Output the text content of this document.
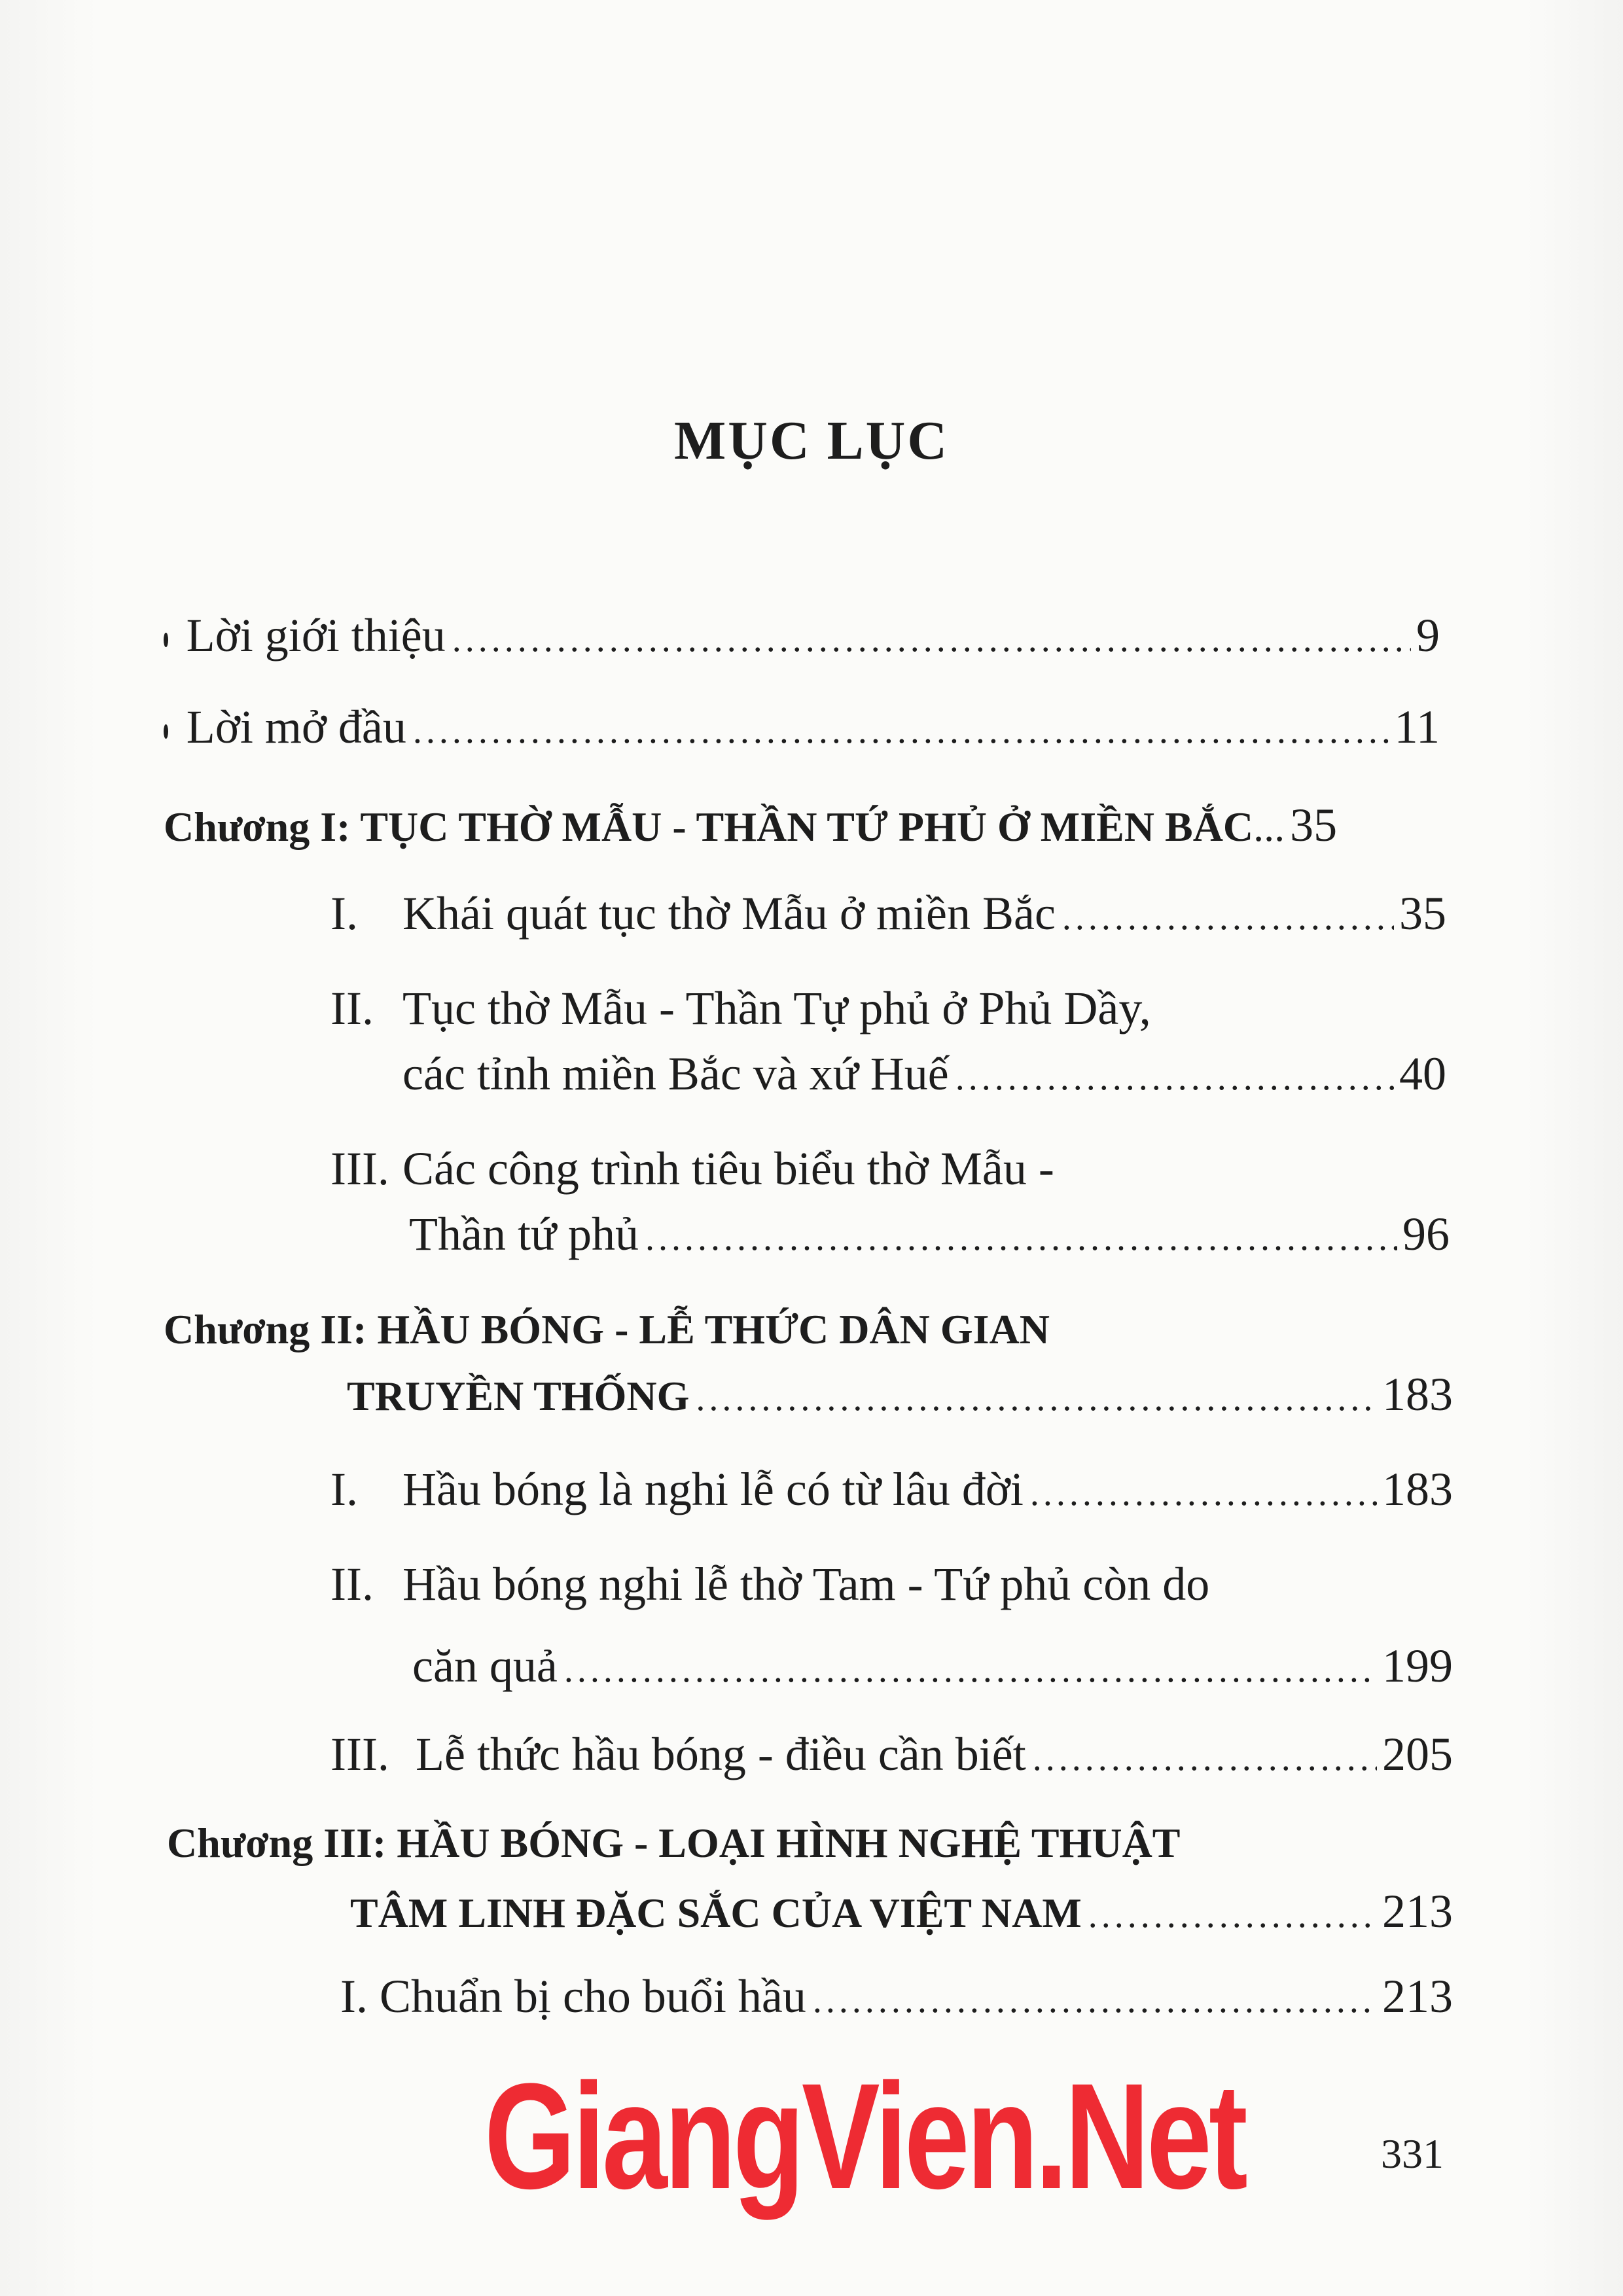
MỤC LỤC
Lời giới thiệu .....	9
Lời mở đầu .....	11
Chương I: TỤC THỜ MẪU - THẦN TỨ PHỦ Ở MIỀN BẮC ... 35
I. Khái quát tục thờ Mẫu ở miền Bắc .....	35
II. Tục thờ Mẫu - Thần Tự phủ ở Phủ Dầy,
các tỉnh miền Bắc và xứ Huế .....	40
III. Các công trình tiêu biểu thờ Mẫu -
Thần tứ phủ .....	96
Chương II: HẦU BÓNG - LỄ THỨC DÂN GIAN
TRUYỀN THỐNG .....	183
I. Hầu bóng là nghi lễ có từ lâu đời .....	183
II. Hầu bóng nghi lễ thờ Tam - Tứ phủ còn do
căn quả .....	199
III. Lễ thức hầu bóng - điều cần biết .....	205
Chương III: HẦU BÓNG - LOẠI HÌNH NGHỆ THUẬT
TÂM LINH ĐẶC SẮC CỦA VIỆT NAM .....	213
I. Chuẩn bị cho buổi hầu .....	213
GiangVien.Net	331
